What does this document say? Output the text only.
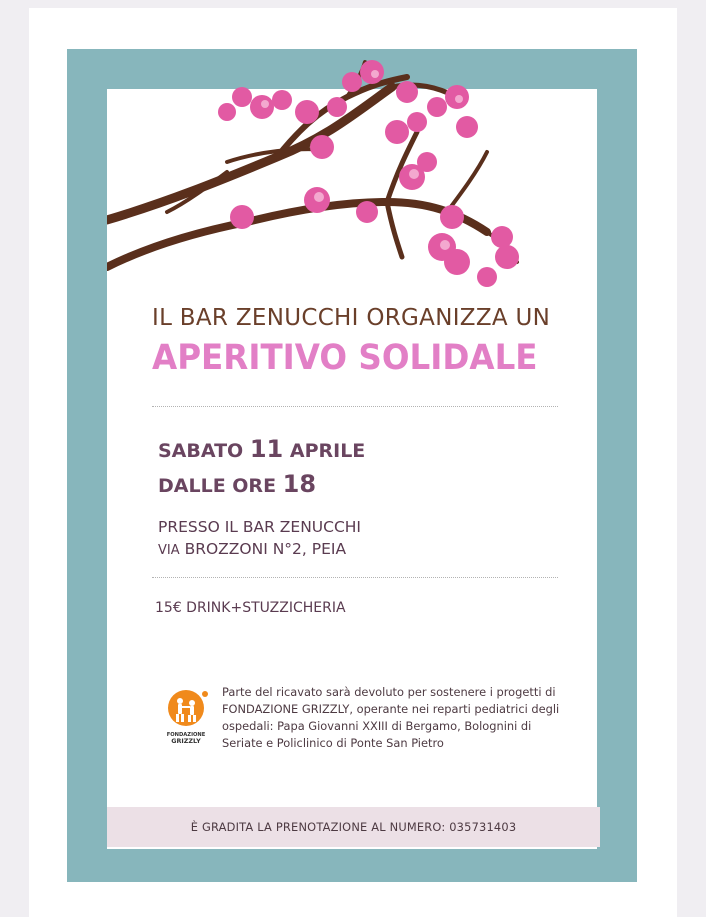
IL BAR ZENUCCHI ORGANIZZA UN
APERITIVO SOLIDALE
SABATO 11 APRILE
DALLE ORE 18
PRESSO IL BAR ZENUCCHI
VIA BROZZONI N°2, PEIA
15€ DRINK+STUZZICHERIA
FONDAZIONE
GRIZZLY
Parte del ricavato sarà devoluto per sostenere i progetti di FONDAZIONE GRIZZLY, operante nei reparti pediatrici degli ospedali: Papa Giovanni XXIII di Bergamo, Bolognini di Seriate e Policlinico di Ponte San Pietro
È GRADITA LA PRENOTAZIONE AL NUMERO: 035731403
